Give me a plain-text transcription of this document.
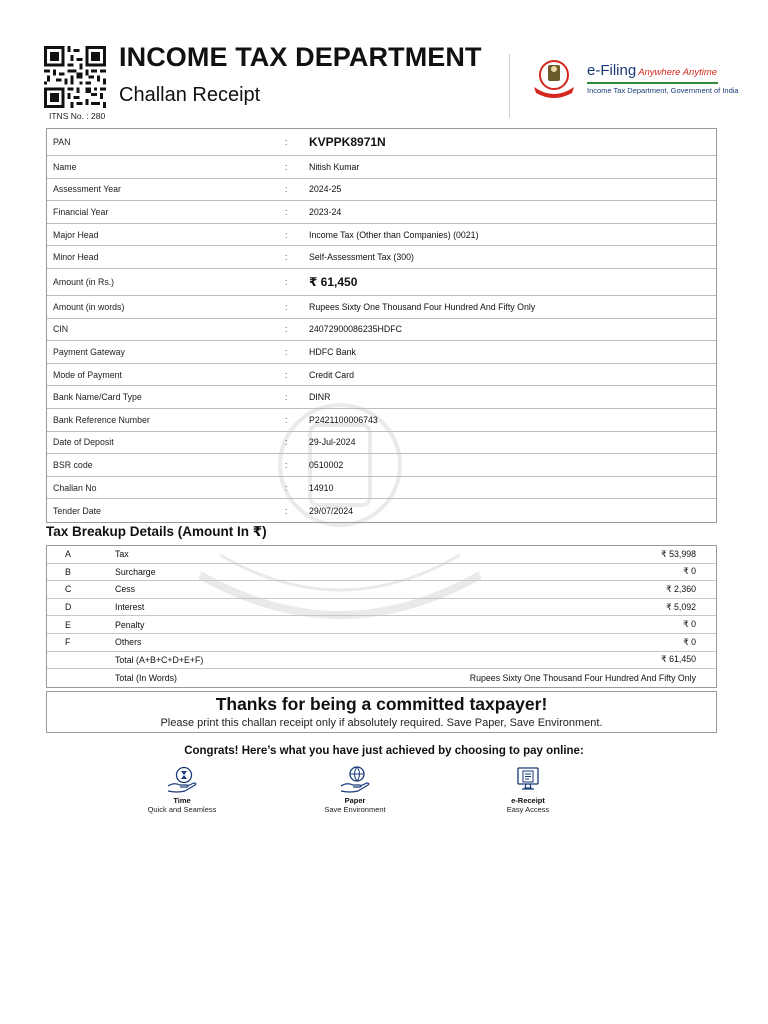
ITNS No. : 280
INCOME TAX DEPARTMENT
Challan Receipt
e-Filing Anywhere Anytime
Income Tax Department, Government of India
PAN	:	KVPPK8971N
Name	:	Nitish Kumar
Assessment Year	:	2024-25
Financial Year	:	2023-24
Major Head	:	Income Tax (Other than Companies) (0021)
Minor Head	:	Self-Assessment Tax (300)
Amount (in Rs.)	:	₹ 61,450
Amount (in words)	:	Rupees Sixty One Thousand Four Hundred And Fifty Only
CIN	:	24072900086235HDFC
Payment Gateway	:	HDFC Bank
Mode of Payment	:	Credit Card
Bank Name/Card Type	:	DINR
Bank Reference Number	:	P2421100006743
Date of Deposit	:	29-Jul-2024
BSR code	:	0510002
Challan No	:	14910
Tender Date	:	29/07/2024
Tax Breakup Details (Amount In ₹)
A	Tax	₹ 53,998
B	Surcharge	₹ 0
C	Cess	₹ 2,360
D	Interest	₹ 5,092
E	Penalty	₹ 0
F	Others	₹ 0
Total (A+B+C+D+E+F)	₹ 61,450
Total (In Words)	Rupees Sixty One Thousand Four Hundred And Fifty Only
Thanks for being a committed taxpayer!
Please print this challan receipt only if absolutely required. Save Paper, Save Environment.
Congrats! Here’s what you have just achieved by choosing to pay online:
Time
Quick and Seamless
Paper
Save Environment
e-Receipt
Easy Access
